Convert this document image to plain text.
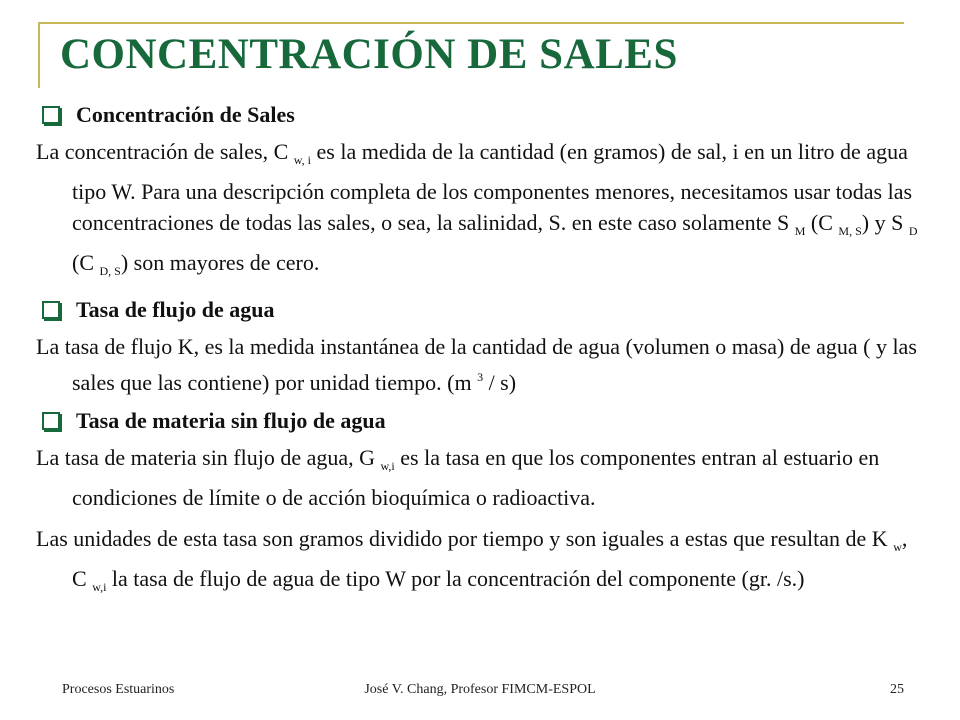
CONCENTRACIÓN DE SALES
Concentración de Sales

La concentración de sales, C $_{w, i}$ es la medida de la cantidad (en gramos) de sal, i en un litro de agua tipo W. Para una descripción completa de los componentes menores, necesitamos usar todas las concentraciones de todas las sales, o sea, la salinidad, S. en este caso solamente S $_M$ (C $_{M, S}$) y S $_D$ (C $_{D, S}$) son mayores de cero.

Tasa de flujo de agua

La tasa de flujo K, es la medida instantánea de la cantidad de agua (volumen o masa) de agua ( y las sales que las contiene) por unidad tiempo. (m $^3$ / s)

Tasa de materia sin flujo de agua

La tasa de materia sin flujo de agua, G $_{w,i}$ es la tasa en que los componentes entran al estuario en condiciones de límite o de acción bioquímica o radioactiva.

Las unidades de esta tasa son gramos dividido por tiempo y son iguales a estas que resultan de K $_w$, C $_{w,i}$ la tasa de flujo de agua de tipo W por la concentración del componente (gr. /s.)

Procesos Estuarinos	José V. Chang, Profesor FIMCM-ESPOL	25
